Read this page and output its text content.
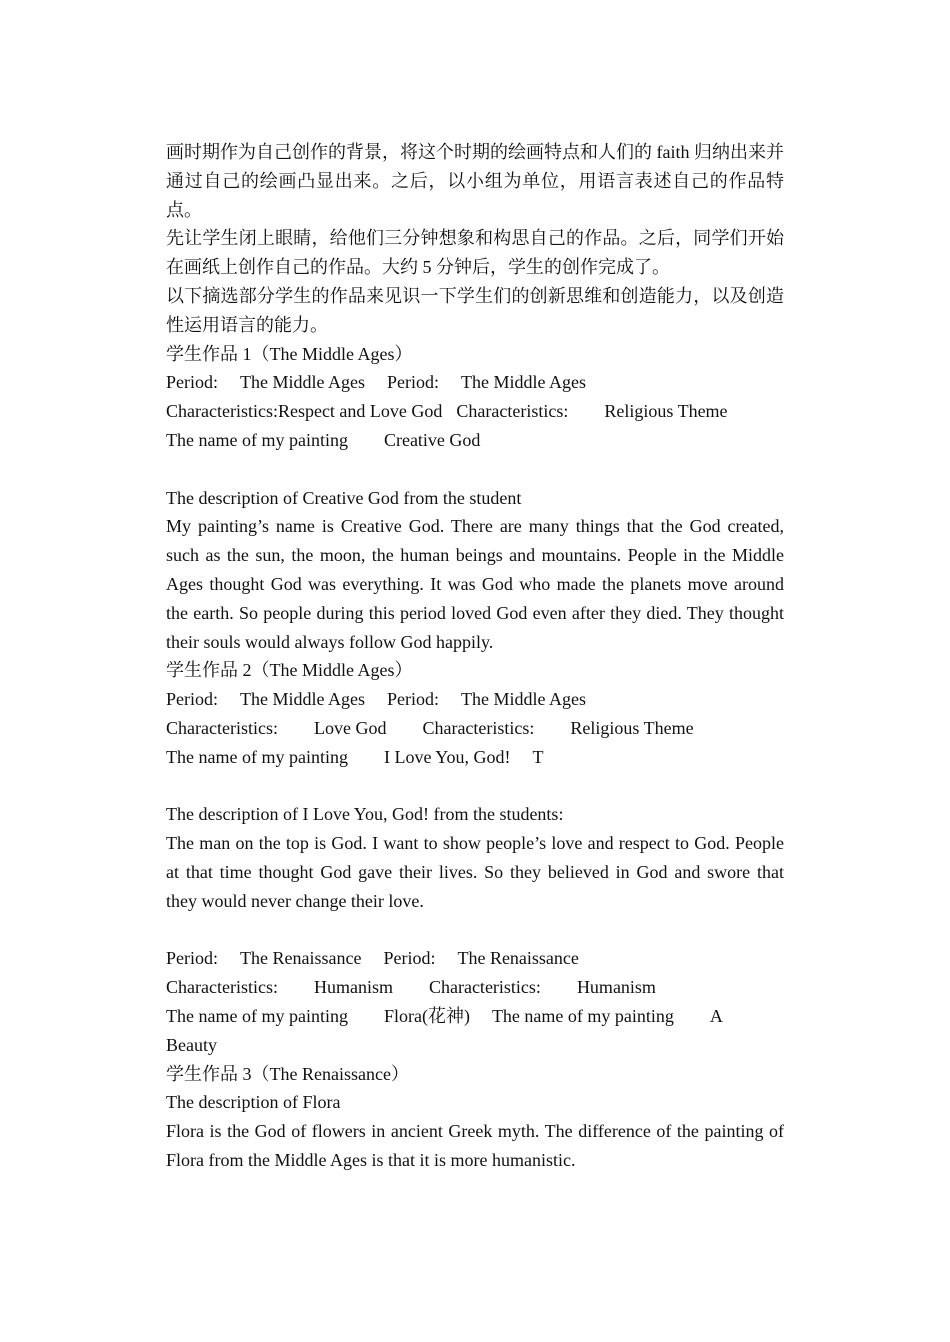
画时期作为自己创作的背景，将这个时期的绘画特点和人们的 faith 归纳出来并通过自己的绘画凸显出来。之后，以小组为单位，用语言表述自己的作品特点。

先让学生闭上眼睛，给他们三分钟想象和构思自己的作品。之后，同学们开始在画纸上创作自己的作品。大约 5 分钟后，学生的创作完成了。

以下摘选部分学生的作品来见识一下学生们的创新思维和创造能力，以及创造性运用语言的能力。

学生作品 1（The Middle Ages）

Period: The Middle Ages Period: The Middle Ages
Characteristics:Respect and Love God Characteristics: Religious Theme
The name of my painting Creative God

The description of Creative God from the student

My painting’s name is Creative God. There are many things that the God created, such as the sun, the moon, the human beings and mountains. People in the Middle Ages thought God was everything. It was God who made the planets move around the earth. So people during this period loved God even after they died. They thought their souls would always follow God happily.

学生作品 2（The Middle Ages）

Period: The Middle Ages Period: The Middle Ages
Characteristics: Love God Characteristics: Religious Theme
The name of my painting I Love You, God! T

The description of I Love You, God! from the students:

The man on the top is God. I want to show people’s love and respect to God. People at that time thought God gave their lives. So they believed in God and swore that they would never change their love.

Period: The Renaissance Period: The Renaissance
Characteristics: Humanism Characteristics: Humanism
The name of my painting Flora(花神) The name of my painting A

Beauty

学生作品 3（The Renaissance）

The description of Flora

Flora is the God of flowers in ancient Greek myth. The difference of the painting of Flora from the Middle Ages is that it is more humanistic.
